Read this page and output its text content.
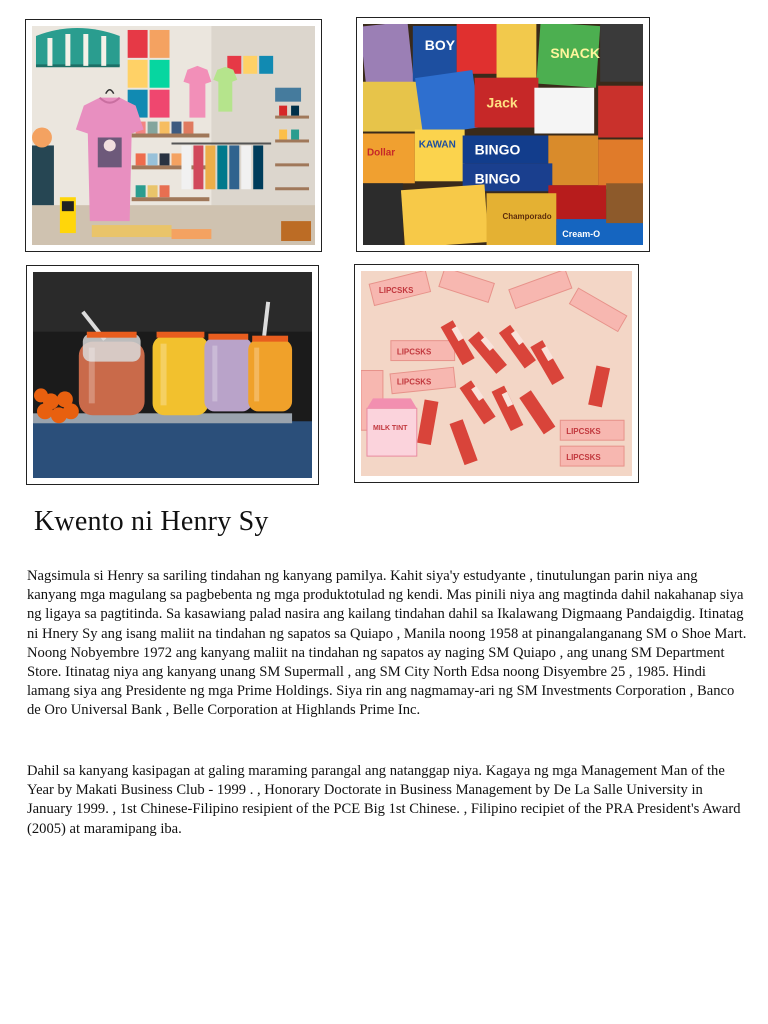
BOY
Jack
SNACK
BINGO
BINGO
Dollar
KAWAN
Cream-O
Champorado
LIPCSKS
LIPCSKS
LIPCSKS
LIPCSKS
LIPCSKS
MILK TINT
Kwento ni Henry Sy

Nagsimula si Henry sa sariling tindahan ng kanyang pamilya. Kahit siya'y estudyante , tinutulungan parin niya ang kanyang mga magulang sa pagbebenta ng mga produktotulad ng kendi. Mas pinili niya ang magtinda dahil nakahanap siya ng ligaya sa pagtitinda. Sa kasawiang palad nasira ang kailang tindahan dahil sa Ikalawang Digmaang Pandaigdig. Itinatag ni Hnery Sy ang isang maliit na tindahan ng sapatos sa Quiapo , Manila noong 1958 at pinangalanganang SM o Shoe Mart. Noong Nobyembre 1972 ang kanyang maliit na tindahan ng sapatos ay naging SM Quiapo , ang unang SM Department Store. Itinatag niya ang kanyang unang SM Supermall , ang SM City North Edsa noong Disyembre 25 , 1985. Hindi lamang siya ang Presidente ng mga Prime Holdings. Siya rin ang nagmamay-ari ng SM Investments Corporation , Banco de Oro Universal Bank , Belle Corporation at Highlands Prime Inc.

Dahil sa kanyang kasipagan at galing maraming parangal ang natanggap niya. Kagaya ng mga Management Man of the Year by Makati Business Club - 1999 . , Honorary Doctorate in Business Management by De La Salle University in January 1999. , 1st Chinese-Filipino resipient of the PCE Big 1st Chinese. , Filipino recipiet of the PRA President's Award (2005) at maramipang iba.
